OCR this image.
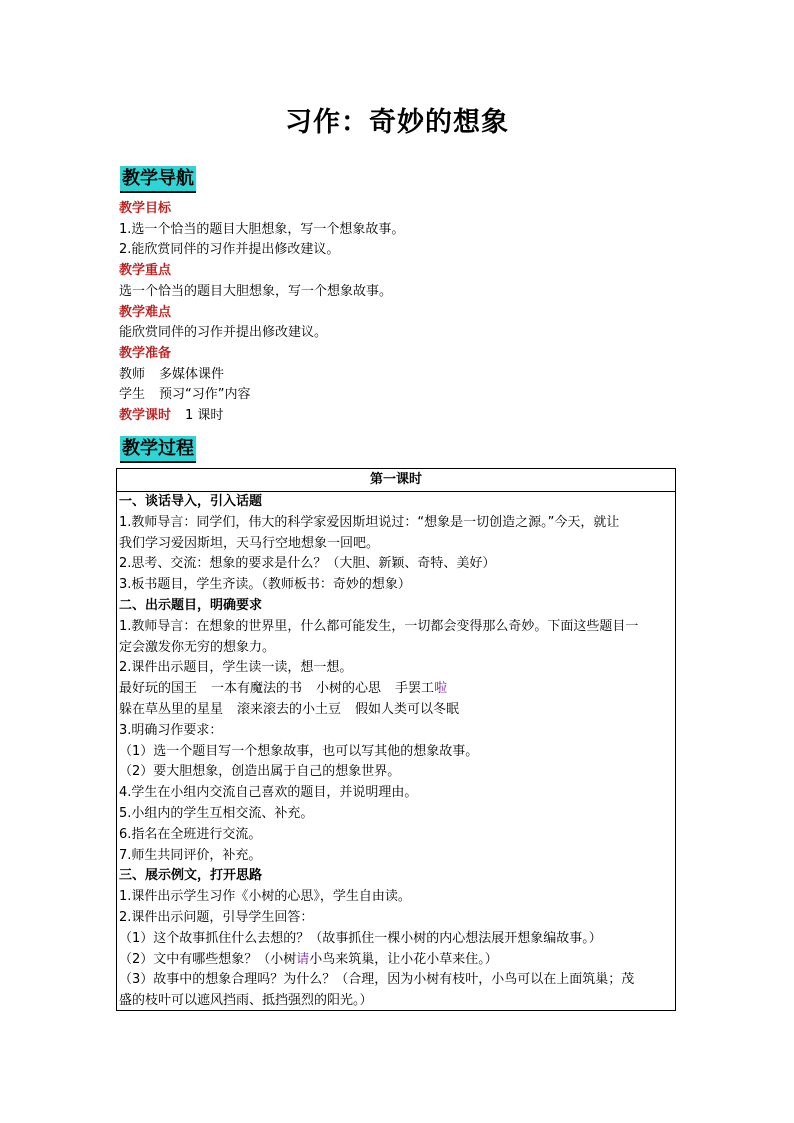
习作：奇妙的想象
教学导航
教学目标
1.选一个恰当的题目大胆想象，写一个想象故事。
2.能欣赏同伴的习作并提出修改建议。
教学重点
选一个恰当的题目大胆想象，写一个想象故事。
教学难点
能欣赏同伴的习作并提出修改建议。
教学准备
教师 多媒体课件
学生 预习“习作”内容
教学课时 1 课时
教学过程
第一课时
一、谈话导入，引入话题
1.教师导言：同学们，伟大的科学家爱因斯坦说过：“想象是一切创造之源。”今天，就让
我们学习爱因斯坦，天马行空地想象一回吧。
2.思考、交流：想象的要求是什么？（大胆、新颖、奇特、美好）
3.板书题目，学生齐读。（教师板书：奇妙的想象）
二、出示题目，明确要求
1.教师导言：在想象的世界里，什么都可能发生，一切都会变得那么奇妙。下面这些题目一
定会激发你无穷的想象力。
2.课件出示题目，学生读一读，想一想。
最好玩的国王 一本有魔法的书 小树的心思 手罢工啦
躲在草丛里的星星 滚来滚去的小土豆 假如人类可以冬眠
3.明确习作要求：
（1）选一个题目写一个想象故事，也可以写其他的想象故事。
（2）要大胆想象，创造出属于自己的想象世界。
4.学生在小组内交流自己喜欢的题目，并说明理由。
5.小组内的学生互相交流、补充。
6.指名在全班进行交流。
7.师生共同评价，补充。
三、展示例文，打开思路
1.课件出示学生习作《小树的心思》，学生自由读。
2.课件出示问题，引导学生回答：
（1）这个故事抓住什么去想的？（故事抓住一棵小树的内心想法展开想象编故事。）
（2）文中有哪些想象？（小树请小鸟来筑巢，让小花小草来住。）
（3）故事中的想象合理吗？为什么？（合理，因为小树有枝叶，小鸟可以在上面筑巢；茂
盛的枝叶可以遮风挡雨、抵挡强烈的阳光。）
